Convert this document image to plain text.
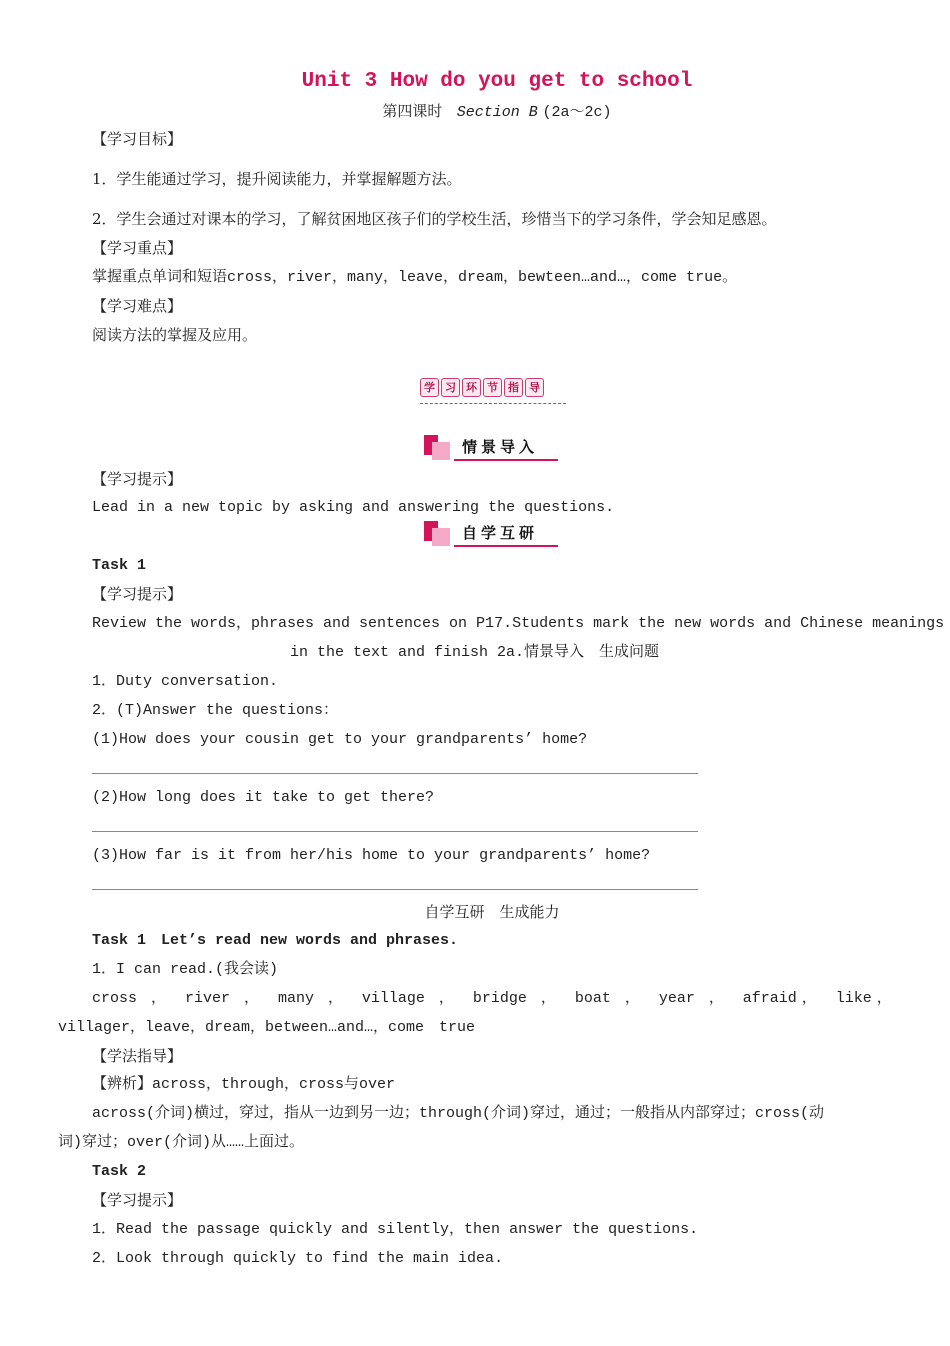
Unit 3 How do you get to school
第四课时 Section B (2a～2c)
【学习目标】
1．学生能通过学习，提升阅读能力，并掌握解题方法。
2．学生会通过对课本的学习，了解贫困地区孩子们的学校生活，珍惜当下的学习条件，学会知足感恩。
【学习重点】
掌握重点单词和短语cross，river，many，leave，dream，bewteen…and…，come true。
【学习难点】
阅读方法的掌握及应用。
学 习 环 节 指 导
情景导入
【学习提示】
Lead in a new topic by asking and answering the questions.
自学互研
Task 1
【学习提示】
Review the words，phrases and sentences on P17.Students mark the new words and Chinese meanings
in the text and finish 2a.情景导入　生成问题
1．Duty conversation.
2．(T)Answer the questions：
(1)How does your cousin get to your grandparents’ home?
(2)How long does it take to get there?
(3)How far is it from her/his home to your grandparents’ home?
自学互研　生成能力
Task 1　Let’s read new words and phrases.
1．I can read.(我会读)
cross ， river ， many ， village ， bridge ， boat ， year ， afraid， like，
villager，leave，dream，between…and…，come　true
【学法指导】
【辨析】across，through，cross与over
across(介词)横过，穿过，指从一边到另一边；through(介词)穿过，通过；一般指从内部穿过；cross(动
词)穿过；over(介词)从……上面过。
Task 2
【学习提示】
1．Read the passage quickly and silently，then answer the questions.
2．Look through quickly to find the main idea.
